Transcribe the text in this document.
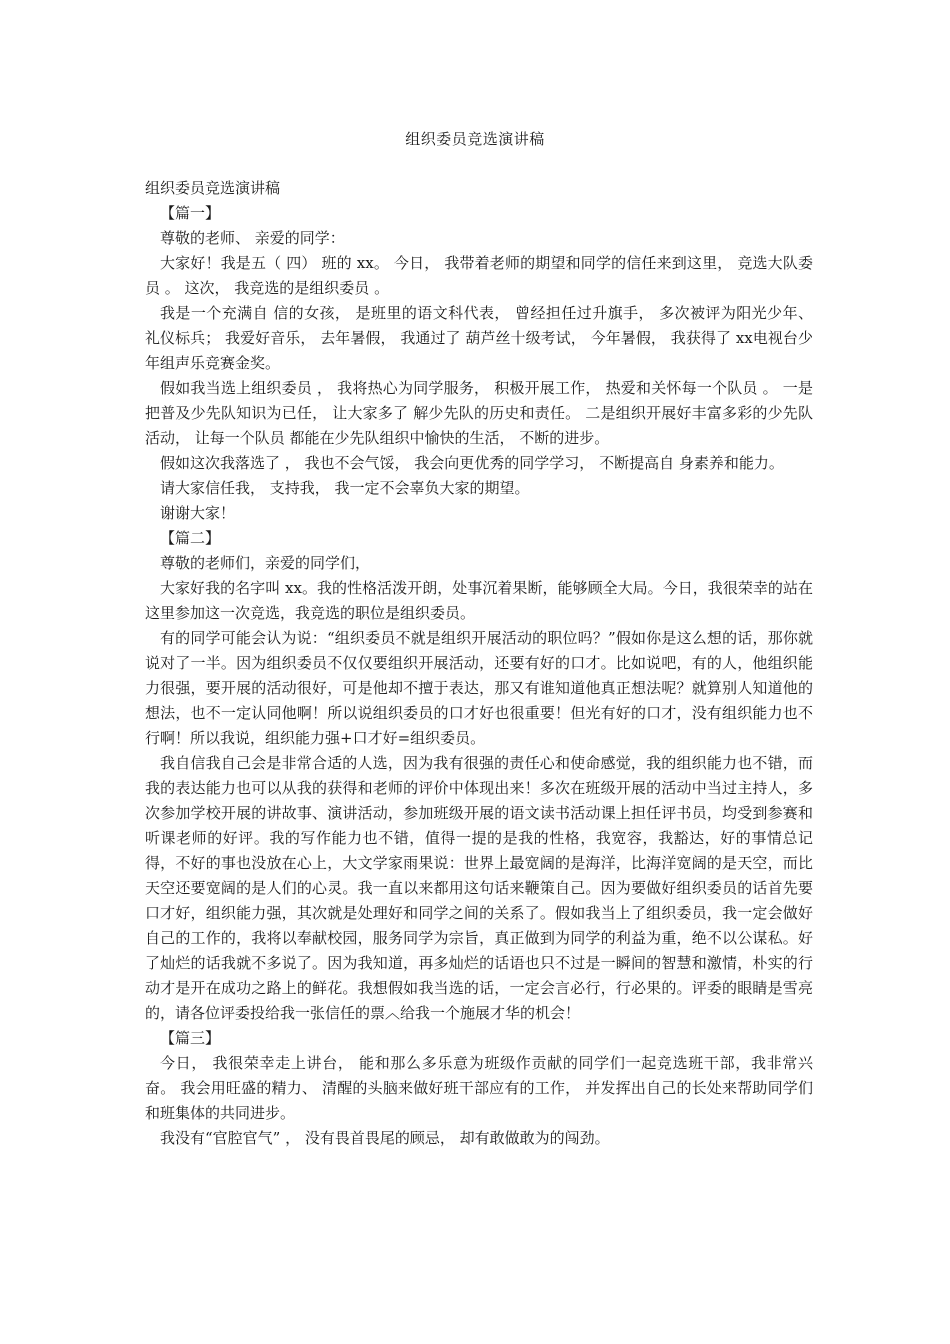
组织委员竞选演讲稿

组织委员竞选演讲稿

【篇一】

尊敬的老师、 亲爱的同学：

大家好！我是五（ 四） 班的 xx。 今日， 我带着老师的期望和同学的信任来到这里， 竞选大队委员 。 这次， 我竞选的是组织委员 。

我是一个充满自 信的女孩， 是班里的语文科代表， 曾经担任过升旗手， 多次被评为阳光少年、 礼仪标兵； 我爱好音乐， 去年暑假， 我通过了 葫芦丝十级考试， 今年暑假， 我获得了 xx电视台少年组声乐竞赛金奖。

假如我当选上组织委员 ， 我将热心为同学服务， 积极开展工作， 热爱和关怀每一个队员 。 一是把普及少先队知识为已任， 让大家多了 解少先队的历史和责任。 二是组织开展好丰富多彩的少先队活动， 让每一个队员 都能在少先队组织中愉快的生活， 不断的进步。

假如这次我落选了 ， 我也不会气馁， 我会向更优秀的同学学习， 不断提高自 身素养和能力。

请大家信任我， 支持我， 我一定不会辜负大家的期望。

谢谢大家！

【篇二】

尊敬的老师们，亲爱的同学们，

大家好我的名字叫 xx。我的性格活泼开朗，处事沉着果断，能够顾全大局。今日，我很荣幸的站在这里参加这一次竞选，我竞选的职位是组织委员。

有的同学可能会认为说：“组织委员不就是组织开展活动的职位吗？”假如你是这么想的话，那你就说对了一半。因为组织委员不仅仅要组织开展活动，还要有好的口才。比如说吧，有的人，他组织能力很强，要开展的活动很好，可是他却不擅于表达，那又有谁知道他真正想法呢？就算别人知道他的想法，也不一定认同他啊！所以说组织委员的口才好也很重要！但光有好的口才，没有组织能力也不行啊！所以我说，组织能力强+口才好=组织委员。

我自信我自己会是非常合适的人选，因为我有很强的责任心和使命感觉，我的组织能力也不错，而我的表达能力也可以从我的获得和老师的评价中体现出来！多次在班级开展的活动中当过主持人，多次参加学校开展的讲故事、演讲活动，参加班级开展的语文读书活动课上担任评书员，均受到参赛和听课老师的好评。我的写作能力也不错，值得一提的是我的性格，我宽容，我豁达，好的事情总记得，不好的事也没放在心上，大文学家雨果说：世界上最宽阔的是海洋，比海洋宽阔的是天空，而比天空还要宽阔的是人们的心灵。我一直以来都用这句话来鞭策自己。因为要做好组织委员的话首先要口才好，组织能力强，其次就是处理好和同学之间的关系了。假如我当上了组织委员，我一定会做好自己的工作的，我将以奉献校园，服务同学为宗旨，真正做到为同学的利益为重，绝不以公谋私。好了灿烂的话我就不多说了。因为我知道，再多灿烂的话语也只不过是一瞬间的智慧和激情，朴实的行动才是开在成功之路上的鲜花。我想假如我当选的话，一定会言必行，行必果的。评委的眼睛是雪亮的，请各位评委投给我一张信任的票︿给我一个施展才华的机会！

【篇三】

今日， 我很荣幸走上讲台， 能和那么多乐意为班级作贡献的同学们一起竞选班干部，我非常兴奋。 我会用旺盛的精力、 清醒的头脑来做好班干部应有的工作， 并发挥出自己的长处来帮助同学们和班集体的共同进步。

我没有“官腔官气” ， 没有畏首畏尾的顾忌， 却有敢做敢为的闯劲。
